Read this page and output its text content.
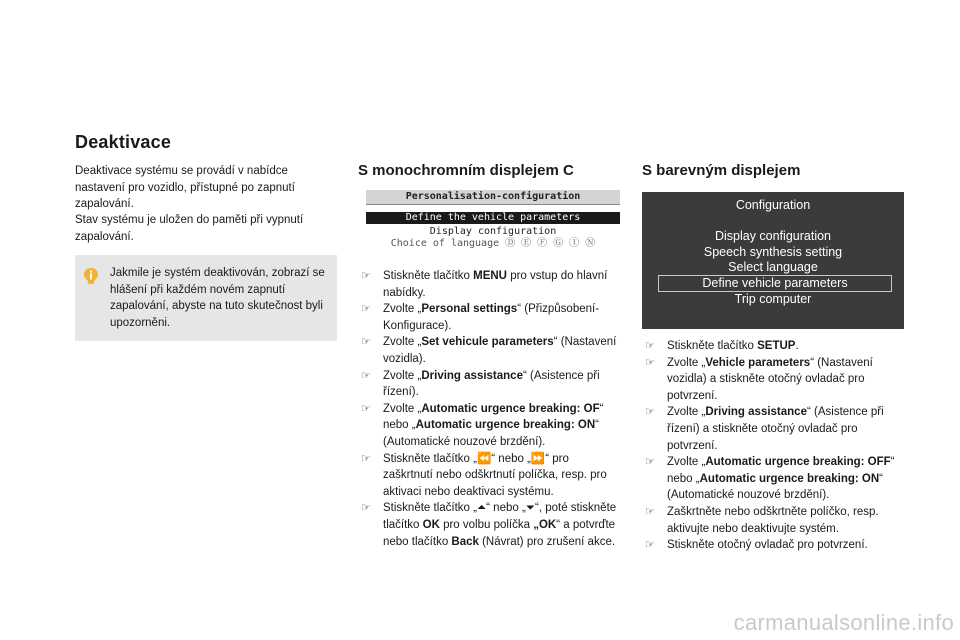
Deaktivace

Deaktivace systému se provádí v nabídce nastavení pro vozidlo, přístupné po zapnutí zapalování.

Stav systému je uložen do paměti při vypnutí zapalování.

Jakmile je systém deaktivován, zobrazí se hlášení při každém novém zapnutí zapalování, abyste na tuto skutečnost byli upozorněni.

S monochromním displejem C
Personalisation-configuration
Define the vehicle parameters
Display configuration
Choice of language Ⓓ Ⓔ Ⓕ Ⓖ Ⓘ Ⓝ
☞ Stiskněte tlačítko MENU pro vstup do hlavní nabídky.
☞ Zvolte „Personal settings“ (Přizpůsobení-Konfigurace).
☞ Zvolte „Set vehicule parameters“ (Nastavení vozidla).
☞ Zvolte „Driving assistance“ (Asistence při řízení).
☞ Zvolte „Automatic urgence breaking: OF“ nebo „Automatic urgence breaking: ON“ (Automatické nouzové brzdění).
☞ Stiskněte tlačítko „⏪“ nebo „⏩“ pro zaškrtnutí nebo odškrtnutí políčka, resp. pro aktivaci nebo deaktivaci systému.
☞ Stiskněte tlačítko „⏶“ nebo „⏷“, poté stiskněte tlačítko OK pro volbu políčka „OK“ a potvrďte nebo tlačítko Back (Návrat) pro zrušení akce.
S barevným displejem
Configuration
Display configuration
Speech synthesis setting
Select language
Define vehicle parameters
Trip computer
☞ Stiskněte tlačítko SETUP.
☞ Zvolte „Vehicle parameters“ (Nastavení vozidla) a stiskněte otočný ovladač pro potvrzení.
☞ Zvolte „Driving assistance“ (Asistence při řízení) a stiskněte otočný ovladač pro potvrzení.
☞ Zvolte „Automatic urgence breaking: OFF“ nebo „Automatic urgence breaking: ON“ (Automatické nouzové brzdění).
☞ Zaškrtněte nebo odškrtněte políčko, resp. aktivujte nebo deaktivujte systém.
☞ Stiskněte otočný ovladač pro potvrzení.
carmanualsonline.info
